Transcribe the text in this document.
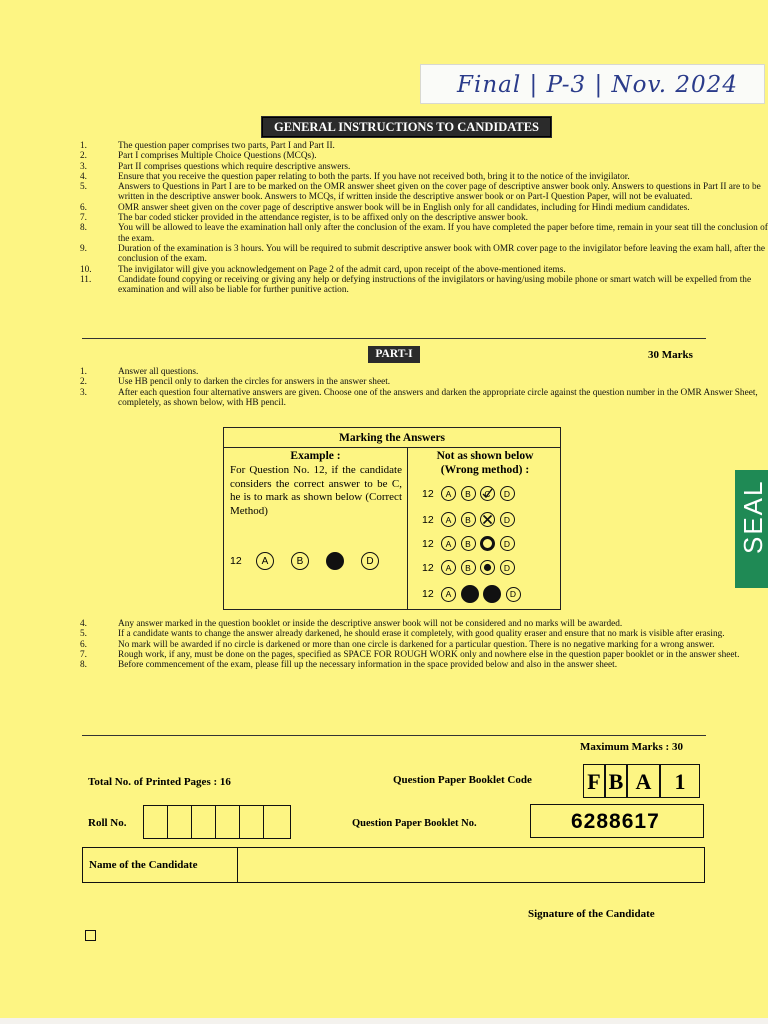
Final | P-3 | Nov. 2024
GENERAL INSTRUCTIONS TO CANDIDATES
1.	The question paper comprises two parts, Part I and Part II.
2.	Part I comprises Multiple Choice Questions (MCQs).
3.	Part II comprises questions which require descriptive answers.
4.	Ensure that you receive the question paper relating to both the parts. If you have not received both, bring it to the notice of the invigilator.
5.	Answers to Questions in Part I are to be marked on the OMR answer sheet given on the cover page of descriptive answer book only. Answers to questions in Part II are to be written in the descriptive answer book. Answers to MCQs, if written inside the descriptive answer book or on Part-I Question Paper, will not be evaluated.
6.	OMR answer sheet given on the cover page of descriptive answer book will be in English only for all candidates, including for Hindi medium candidates.
7.	The bar coded sticker provided in the attendance register, is to be affixed only on the descriptive answer book.
8.	You will be allowed to leave the examination hall only after the conclusion of the exam. If you have completed the paper before time, remain in your seat till the conclusion of the exam.
9.	Duration of the examination is 3 hours. You will be required to submit descriptive answer book with OMR cover page to the invigilator before leaving the exam hall, after the conclusion of the exam.
10.	The invigilator will give you acknowledgement on Page 2 of the admit card, upon receipt of the above-mentioned items.
11.	Candidate found copying or receiving or giving any help or defying instructions of the invigilators or having/using mobile phone or smart watch will be expelled from the examination and will also be liable for further punitive action.
PART-I	30 Marks
1.	Answer all questions.
2.	Use HB pencil only to darken the circles for answers in the answer sheet.
3.	After each question four alternative answers are given. Choose one of the answers and darken the appropriate circle against the question number in the OMR Answer Sheet, completely, as shown below, with HB pencil.
Marking the Answers
Example :
For Question No. 12, if the candidate considers the correct answer to be C, he is to mark as shown below (Correct Method)
12	A	B	D
Not as shown below
(Wrong method) :
12	A	B	C	D
12	A	B	D
12	A	B	D
12	A	B	D
12	A	D
4.	Any answer marked in the question booklet or inside the descriptive answer book will not be considered and no marks will be awarded.
5.	If a candidate wants to change the answer already darkened, he should erase it completely, with good quality eraser and ensure that no mark is visible after erasing.
6.	No mark will be awarded if no circle is darkened or more than one circle is darkened for a particular question. There is no negative marking for a wrong answer.
7.	Rough work, if any, must be done on the pages, specified as SPACE FOR ROUGH WORK only and nowhere else in the question paper booklet or in the answer sheet.
8.	Before commencement of the exam, please fill up the necessary information in the space provided below and also in the answer sheet.
Maximum Marks : 30
Total No. of Printed Pages : 16	Question Paper Booklet Code	F B A	1
Roll No.	Question Paper Booklet No.	6288617
Name of the Candidate
Signature of the Candidate
SEAL
